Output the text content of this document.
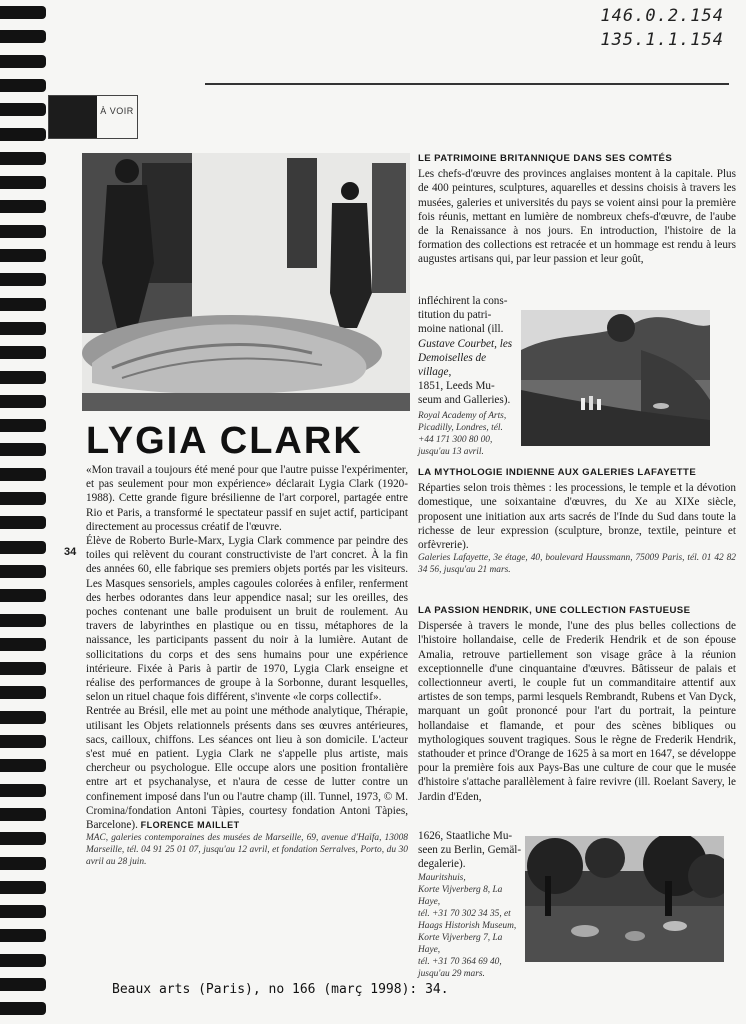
146.0.2.154
135.1.1.154
À VOIR
LYGIA CLARK
34

«Mon travail a toujours été mené pour que l'autre puisse l'expérimenter, et pas seulement pour mon expérience» déclarait Lygia Clark (1920-1988). Cette grande figure brésilienne de l'art corporel, partagée entre Rio et Paris, a transformé le spectateur passif en sujet actif, participant directement au processus créatif de l'œuvre.

Élève de Roberto Burle-Marx, Lygia Clark commence par peindre des toiles qui relèvent du courant constructiviste de l'art concret. À la fin des années 60, elle fabrique ses premiers objets portés par les visiteurs. Les Masques sensoriels, amples cagoules colorées à enfiler, renferment des herbes odorantes dans leur appendice nasal; sur les oreilles, des poches contenant une balle produisent un bruit de roulement. Au travers de labyrinthes en plastique ou en tissu, métaphores de la naissance, les participants passent du noir à la lumière. Autant de sollicitations du corps et des sens humains pour une expérience intérieure. Fixée à Paris à partir de 1970, Lygia Clark enseigne et réalise des performances de groupe à la Sorbonne, durant lesquelles, selon un rituel chaque fois différent, s'invente «le corps collectif».

Rentrée au Brésil, elle met au point une méthode analytique, Thérapie, utilisant les Objets relationnels présents dans ses œuvres antérieures, sacs, cailloux, chiffons. Les séances ont lieu à son domicile. L'acteur s'est mué en patient. Lygia Clark ne s'appelle plus artiste, mais chercheur ou psychologue. Elle occupe alors une position frontalière entre art et psychanalyse, et n'aura de cesse de lutter contre un confinement imposé dans l'un ou l'autre champ (ill. Tunnel, 1973, © M. Cromina/fondation Antoni Tàpies, courtesy fondation Antoni Tàpies, Barcelone). FLORENCE MAILLET

MAC, galeries contemporaines des musées de Marseille, 69, avenue d'Haïfa, 13008 Marseille, tél. 04 91 25 01 07, jusqu'au 12 avril, et fondation Serralves, Porto, du 30 avril au 28 juin.

LE PATRIMOINE BRITANNIQUE DANS SES COMTÉS

Les chefs-d'œuvre des provinces anglaises montent à la capitale. Plus de 400 peintures, sculptures, aquarelles et dessins choisis à travers les musées, galeries et universités du pays se voient ainsi pour la première fois réunis, mettant en lumière de nombreux chefs-d'œuvre, de l'aube de la Renaissance à nos jours. En introduction, l'histoire de la formation des collections est retracée et un hommage est rendu à leurs augustes artisans qui, par leur passion et leur goût,

infléchirent la cons-
titution du patri-
moine national (ill.
Gustave Courbet, les
Demoiselles de village,
1851, Leeds Mu-
seum and Galleries).
Royal Academy of Arts,
Picadilly, Londres, tél.
+44 171 300 80 00,
jusqu'au 13 avril.
LA MYTHOLOGIE INDIENNE AUX GALERIES LAFAYETTE

Réparties selon trois thèmes : les processions, le temple et la dévotion domestique, une soixantaine d'œuvres, du Xe au XIXe siècle, proposent une initiation aux arts sacrés de l'Inde du Sud dans toute la richesse de leur expression (sculpture, bronze, textile, peinture et orfèvrerie).

Galeries Lafayette, 3e étage, 40, boulevard Haussmann, 75009 Paris, tél. 01 42 82 34 56, jusqu'au 21 mars.

LA PASSION HENDRIK, UNE COLLECTION FASTUEUSE

Dispersée à travers le monde, l'une des plus belles collections de l'histoire hollandaise, celle de Frederik Hendrik et de son épouse Amalia, retrouve partiellement son visage grâce à la réunion exceptionnelle d'une cinquantaine d'œuvres. Bâtisseur de palais et collectionneur averti, le couple fut un commanditaire attentif aux artistes de son temps, parmi lesquels Rembrandt, Rubens et Van Dyck, marquant un goût prononcé pour l'art du portrait, la peinture hollandaise et flamande, et pour des scènes bibliques ou mythologiques souvent tragiques. Sous le règne de Frederik Hendrik, stathouder et prince d'Orange de 1625 à sa mort en 1647, se développe pour la première fois aux Pays-Bas une culture de cour que le musée d'histoire s'attache parallèlement à faire revivre (ill. Roelant Savery, le Jardin d'Eden,

1626, Staatliche Mu-
seen zu Berlin, Gemäl-
degalerie).
Mauritshuis,
Korte Vijverberg 8, La Haye,
tél. +31 70 302 34 35, et
Haags Historish Museum,
Korte Vijverberg 7, La Haye,
tél. +31 70 364 69 40,
jusqu'au 29 mars.
Beaux arts (Paris), no 166 (març 1998): 34.
